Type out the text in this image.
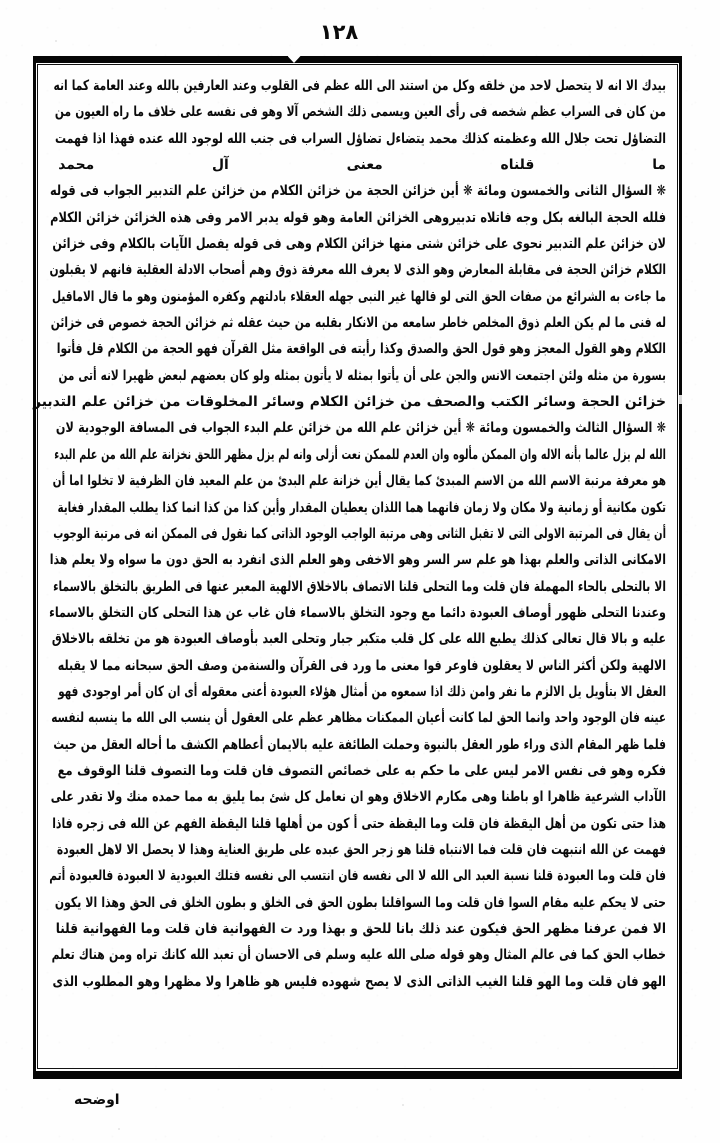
١٢٨
بيدك الا انه لا يتحصل لاحد من خلقه وكل من استند الى الله عظم فى القلوب وعند العارفين بالله وعند العامة كما انه
من كان فى السراب عظم شخصه فى رأى العين ويسمى ذلك الشخص آلا وهو فى نفسه على خلاف ما راه العيون من
التضاؤل تحت جلال الله وعظمته كذلك محمد يتضاءل تضاؤل السراب فى جنب الله لوجود الله عنده فهذا اذا فهمت
ما قلناه معنى آل محمد
❋ السؤال الثانى والخمسون ومائة ❋ أين خزائن الحجة من خزائن الكلام من خزائن علم التدبير الجواب فى قوله
فلله الحجة البالغه بكل وجه فاتلاه تدبيروهى الخزائن العامة وهو قوله يدبر الامر وفى هذه الخزائن خزائن الكلام
لان خزائن علم التدبير نحوى على خزائن شتى منها خزائن الكلام وهى فى قوله يفصل الآيات بالكلام وفى خزائن
الكلام خزائن الحجة فى مقابلة المعارض وهو الذى لا يعرف الله معرفة ذوق وهم أصحاب الادلة العقلية فانهم لا يقبلون
ما جاءت به الشرائع من صفات الحق التى لو قالها غير النبى جهله العقلاء بادلتهم وكفره المؤمنون وهو ما قال الاماقيل
له فنى ما لم يكن العلم ذوق المخلص خاطر سامعه من الانكار بقلبه من حيث عقله ثم خزائن الحجة خصوص فى خزائن
الكلام وهو القول المعجز وهو قول الحق والصدق وكذا رأيته فى الواقعة مثل القرآن فهو الحجة من الكلام قل فأتوا
بسورة من مثله ولئن اجتمعت الانس والجن على أن يأتوا بمثله لا يأتون بمثله ولو كان بعضهم لبعض ظهيرا لانه أتى من
خزائن الحجة وسائر الكتب والصحف من خزائن الكلام وسائر المخلوقات من خزائن علم التدبير
❋ السؤال الثالث والخمسون ومائة ❋ أين خزائن علم الله من خزائن علم البدء الجواب فى المسافة الوجودية لان
الله لم يزل عالما بأنه الاله وان الممكن مألوه وان العدم للممكن نعت أزلى وانه لم يزل مظهر اللحق نخزانة علم الله من علم البدء
هو معرفة مرتبة الاسم الله من الاسم المبدئ كما يقال أين خزانة علم البدئ من علم المعيد فان الظرفية لا تخلوا اما أن
تكون مكانية أو زمانية ولا مكان ولا زمان فانهما هما اللذان يعطيان المقدار وأين كذا من كذا انما كذا يطلب المقدار فغاية
أن يقال فى المرتبة الاولى التى لا تقبل الثانى وهى مرتبة الواجب الوجود الذاتى كما نقول فى الممكن انه فى مرتبة الوجوب
الامكانى الذاتى والعلم بهذا هو علم سر السر وهو الاخفى وهو العلم الذى انفرد به الحق دون ما سواه ولا يعلم هذا
الا بالتحلى بالحاء المهملة فان قلت وما التحلى قلنا الاتصاف بالاخلاق الالهية المعبر عنها فى الطريق بالتخلق بالاسماء
وعندنا التحلى ظهور أوصاف العبودة دائما مع وجود التخلق بالاسماء فان غاب عن هذا التحلى كان التخلق بالاسماء
عليه و بالا قال تعالى كذلك يطبع الله على كل قلب متكبر جبار وتحلى العبد بأوصاف العبودة هو من تخلقه بالاخلاق
الالهية ولكن أكثر الناس لا يعقلون فاوعر فوا معنى ما ورد فى القرآن والسنةمن وصف الحق سبحانه مما لا يقبله
العقل الا بتأويل يل الالزم ما نفر وامن ذلك اذا سمعوه من أمثال هؤلاء العبودة أعنى معقوله أى ان كان أمر اوجودى فهو
عينه فان الوجود واحد وانما الحق لما كانت أعيان الممكنات مظاهر عظم على العقول أن ينسب الى الله ما ينسبه لنفسه
فلما ظهر المقام الذى وراء طور العقل بالنبوة وحملت الطائفة عليه بالايمان أعطاهم الكشف ما أحاله العقل من حيث
فكره وهو فى نفس الامر ليس على ما حكم به على خصائص التصوف فان قلت وما التصوف قلنا الوقوف مع
الآداب الشرعية ظاهرا او باطنا وهى مكارم الاخلاق وهو ان نعامل كل شئ بما يليق به مما حمده منك ولا تقدر على
هذا حتى تكون من أهل اليقظة فان قلت وما اليقظة حتى أ كون من أهلها قلنا اليقظة الفهم عن الله فى زجره فاذا
فهمت عن الله انتبهت فان قلت فما الانتباه قلنا هو زجر الحق عبده على طريق العناية وهذا لا يحصل الا لاهل العبودة
فان قلت وما العبودة قلنا نسبة العبد الى الله لا الى نفسه فان انتسب الى نفسه فتلك العبودية لا العبودة فالعبودة أتم
حتى لا يحكم عليه مقام السوا فان قلت وما السواقلنا بطون الحق فى الخلق و بطون الخلق فى الحق وهذا الا يكون
الا فمن عرفنا مظهر الحق فيكون عند ذلك بانا للحق و بهذا ورد ت الفهوانية فان قلت وما الفهوانية قلنا
خطاب الحق كما فى عالم المثال وهو قوله صلى الله عليه وسلم فى الاحسان أن تعبد الله كانك تراه ومن هناك تعلم
الهو فان قلت وما الهو قلنا الغيب الذاتى الذى لا يصح شهوده فليس هو ظاهرا ولا مظهرا وهو المطلوب الذى
اوضحه
